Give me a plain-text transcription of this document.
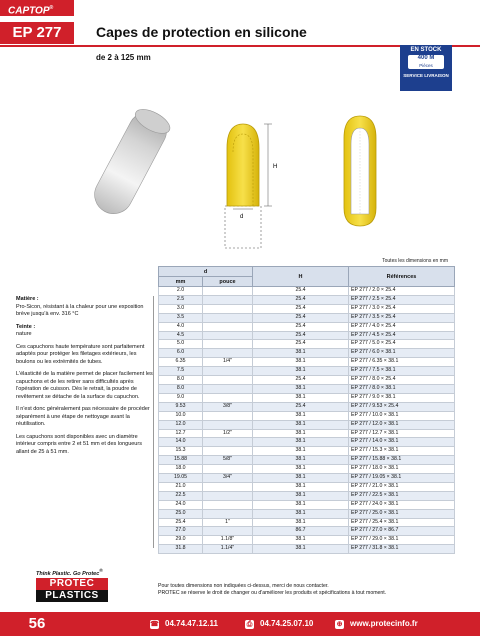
CAPTOP®
EP 277	Capes de protection en silicone
de 2 à 125 mm
EN STOCK
400 M
Pièces
SERVICE LIVRAISON
H
d
Toutes les dimensions en mm

Matière :
Pro-Sicon, résistant à la chaleur pour une exposition brève jusqu'à env. 316 °C

Teinte :
nature

Ces capuchons haute température sont parfaitement adaptés pour protéger les filetages extérieurs, les boulons ou les extrémités de tubes.

L'élasticité de la matière permet de placer facilement les capuchons et de les retirer sans difficultés après l'opération de cuisson. Dès le retrait, la poudre de revêtement se détache de la surface du capuchon.

Il n'est donc généralement pas nécessaire de procéder séparément à une étape de nettoyage avant la réutilisation.

Les capuchons sont disponibles avec un diamètre intérieur compris entre 2 et 51 mm et des longueurs allant de 25 à 51 mm.

Think Plastic. Go Protec®
PROTEC
PLASTICS
d		H	Références
mm	pouce		
2.0		25.4	EP 277 / 2.0 × 25.4
2.5		25.4	EP 277 / 2.5 × 25.4
3.0		25.4	EP 277 / 3.0 × 25.4
3.5		25.4	EP 277 / 3.5 × 25.4
4.0		25.4	EP 277 / 4.0 × 25.4
4.5		25.4	EP 277 / 4.5 × 25.4
5.0		25.4	EP 277 / 5.0 × 25.4
6.0		38.1	EP 277 / 6.0 × 38.1
6.35	1/4"	38.1	EP 277 / 6.35 × 38.1
7.5		38.1	EP 277 / 7.5 × 38.1
8.0		25.4	EP 277 / 8.0 × 25.4
8.0		38.1	EP 277 / 8.0 × 38.1
9.0		38.1	EP 277 / 9.0 × 38.1
9.53	3/8"	25.4	EP 277 / 9.53 × 25.4
10.0		38.1	EP 277 / 10.0 × 38.1
12.0		38.1	EP 277 / 12.0 × 38.1
12.7	1/2"	38.1	EP 277 / 12.7 × 38.1
14.0		38.1	EP 277 / 14.0 × 38.1
15.3		38.1	EP 277 / 15.3 × 38.1
15.88	5/8"	38.1	EP 277 / 15.88 × 38.1
18.0		38.1	EP 277 / 18.0 × 38.1
19.05	3/4"	38.1	EP 277 / 19.05 × 38.1
21.0		38.1	EP 277 / 21.0 × 38.1
22.5		38.1	EP 277 / 22.5 × 38.1
24.0		38.1	EP 277 / 24.0 × 38.1
25.0		38.1	EP 277 / 25.0 × 38.1
25.4	1"	38.1	EP 277 / 25.4 × 38.1
27.0		86.7	EP 277 / 27.0 × 86.7
29.0	1.1/8"	38.1	EP 277 / 29.0 × 38.1
31.8	1.1/4"	38.1	EP 277 / 31.8 × 38.1
Pour toutes dimensions non indiquées ci-dessus, merci de nous contacter.
PROTEC se réserve le droit de changer ou d'améliorer les produits et spécifications à tout moment.
56	☎ 04.74.47.12.11	⎙ 04.74.25.07.10	⊕ www.protecinfo.fr
